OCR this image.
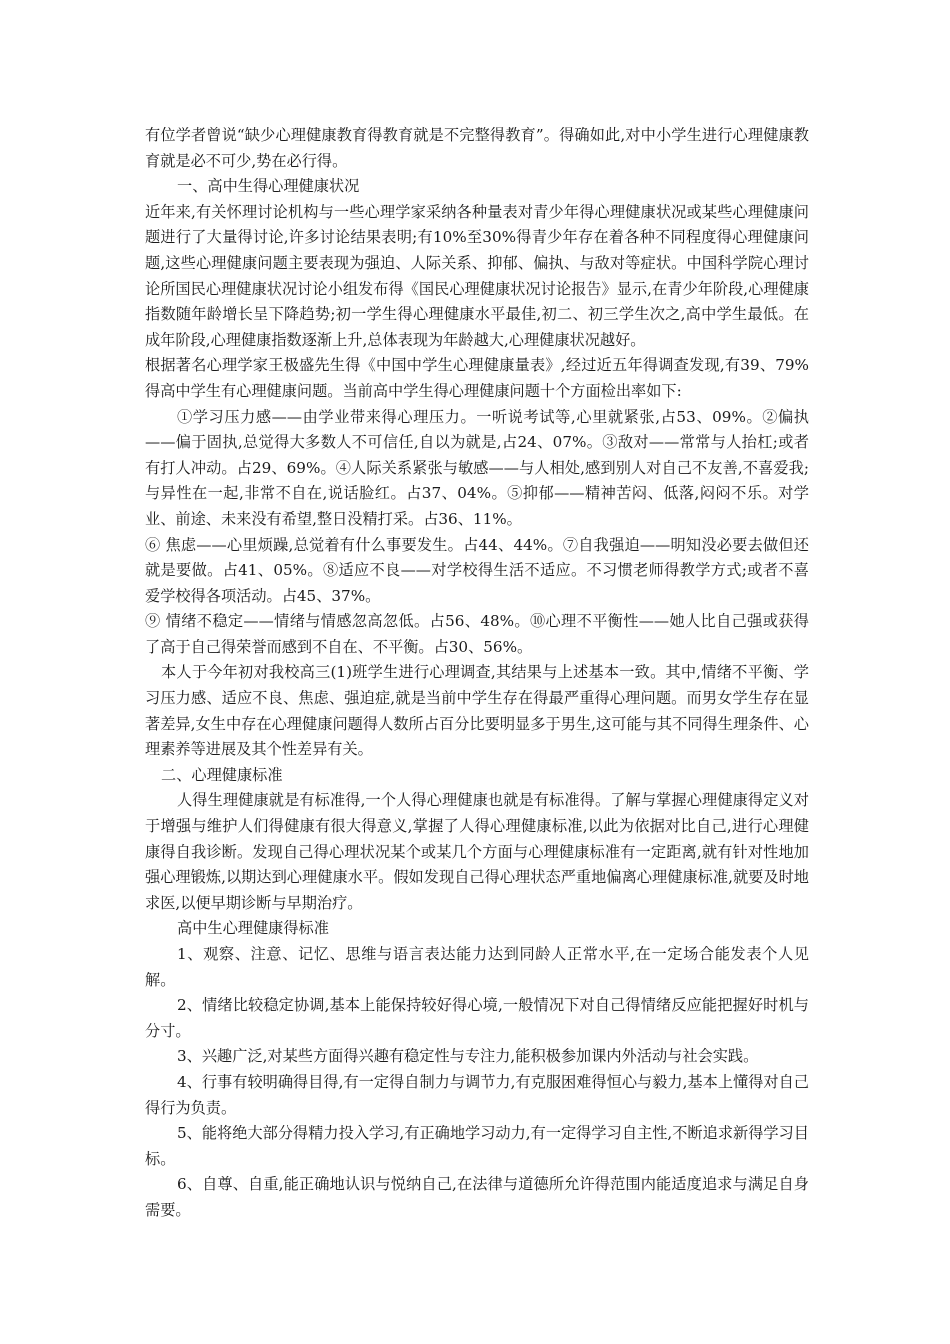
有位学者曾说“缺少心理健康教育得教育就是不完整得教育”。得确如此,对中小学生进行心理健康教育就是必不可少,势在必行得。

一、高中生得心理健康状况

近年来,有关怀理讨论机构与一些心理学家采纳各种量表对青少年得心理健康状况或某些心理健康问题进行了大量得讨论,许多讨论结果表明;有10%至30%得青少年存在着各种不同程度得心理健康问题,这些心理健康问题主要表现为强迫、人际关系、抑郁、偏执、与敌对等症状。中国科学院心理讨论所国民心理健康状况讨论小组发布得《国民心理健康状况讨论报告》显示,在青少年阶段,心理健康指数随年龄增长呈下降趋势;初一学生得心理健康水平最佳,初二、初三学生次之,高中学生最低。在成年阶段,心理健康指数逐渐上升,总体表现为年龄越大,心理健康状况越好。

根据著名心理学家王极盛先生得《中国中学生心理健康量表》,经过近五年得调查发现,有39、79%得高中学生有心理健康问题。当前高中学生得心理健康问题十个方面检出率如下:

①学习压力感——由学业带来得心理压力。一听说考试等,心里就紧张,占53、09%。②偏执——偏于固执,总觉得大多数人不可信任,自以为就是,占24、07%。③敌对——常常与人抬杠;或者有打人冲动。占29、69%。④人际关系紧张与敏感——与人相处,感到别人对自己不友善,不喜爱我;与异性在一起,非常不自在,说话脸红。占37、04%。⑤抑郁——精神苦闷、低落,闷闷不乐。对学业、前途、未来没有希望,整日没精打采。占36、11%。

⑥ 焦虑——心里烦躁,总觉着有什么事要发生。占44、44%。⑦自我强迫——明知没必要去做但还就是要做。占41、05%。⑧适应不良——对学校得生活不适应。不习惯老师得教学方式;或者不喜爱学校得各项活动。占45、37%。

⑨ 情绪不稳定——情绪与情感忽高忽低。占56、48%。⑩心理不平衡性——她人比自己强或获得了高于自己得荣誉而感到不自在、不平衡。占30、56%。

本人于今年初对我校高三(1)班学生进行心理调查,其结果与上述基本一致。其中,情绪不平衡、学习压力感、适应不良、焦虑、强迫症,就是当前中学生存在得最严重得心理问题。而男女学生存在显著差异,女生中存在心理健康问题得人数所占百分比要明显多于男生,这可能与其不同得生理条件、心理素养等进展及其个性差异有关。

二、心理健康标准

人得生理健康就是有标准得,一个人得心理健康也就是有标准得。了解与掌握心理健康得定义对于增强与维护人们得健康有很大得意义,掌握了人得心理健康标准,以此为依据对比自己,进行心理健康得自我诊断。发现自己得心理状况某个或某几个方面与心理健康标准有一定距离,就有针对性地加强心理锻炼,以期达到心理健康水平。假如发现自己得心理状态严重地偏离心理健康标准,就要及时地求医,以便早期诊断与早期治疗。

高中生心理健康得标准

1、观察、注意、记忆、思维与语言表达能力达到同龄人正常水平,在一定场合能发表个人见解。

2、情绪比较稳定协调,基本上能保持较好得心境,一般情况下对自己得情绪反应能把握好时机与分寸。

3、兴趣广泛,对某些方面得兴趣有稳定性与专注力,能积极参加课内外活动与社会实践。

4、行事有较明确得目得,有一定得自制力与调节力,有克服困难得恒心与毅力,基本上懂得对自己得行为负责。

5、能将绝大部分得精力投入学习,有正确地学习动力,有一定得学习自主性,不断追求新得学习目标。

6、自尊、自重,能正确地认识与悦纳自己,在法律与道德所允许得范围内能适度追求与满足自身需要。
